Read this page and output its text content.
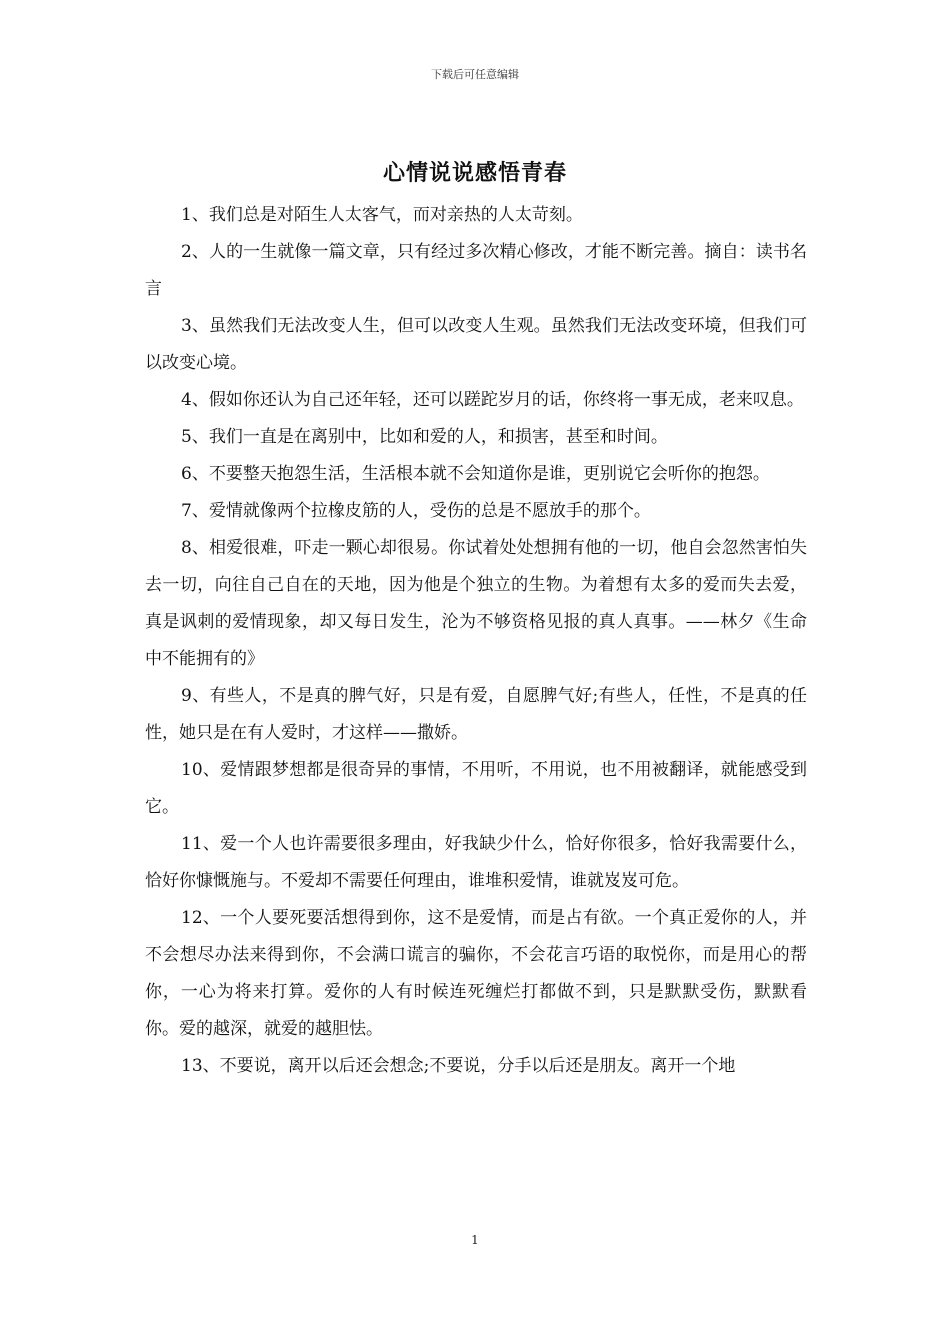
下载后可任意编辑
心情说说感悟青春

1、我们总是对陌生人太客气，而对亲热的人太苛刻。

2、人的一生就像一篇文章，只有经过多次精心修改，才能不断完善。摘自：读书名言

3、虽然我们无法改变人生，但可以改变人生观。虽然我们无法改变环境，但我们可以改变心境。

4、假如你还认为自己还年轻，还可以蹉跎岁月的话，你终将一事无成，老来叹息。

5、我们一直是在离别中，比如和爱的人，和损害，甚至和时间。

6、不要整天抱怨生活，生活根本就不会知道你是谁，更别说它会听你的抱怨。

7、爱情就像两个拉橡皮筋的人，受伤的总是不愿放手的那个。

8、相爱很难，吓走一颗心却很易。你试着处处想拥有他的一切，他自会忽然害怕失去一切，向往自己自在的天地，因为他是个独立的生物。为着想有太多的爱而失去爱，真是讽刺的爱情现象，却又每日发生，沦为不够资格见报的真人真事。——林夕《生命中不能拥有的》

9、有些人，不是真的脾气好，只是有爱，自愿脾气好;有些人，任性，不是真的任性，她只是在有人爱时，才这样——撒娇。

10、爱情跟梦想都是很奇异的事情，不用听，不用说，也不用被翻译，就能感受到它。

11、爱一个人也许需要很多理由，好我缺少什么，恰好你很多，恰好我需要什么，恰好你慷慨施与。不爱却不需要任何理由，谁堆积爱情，谁就岌岌可危。

12、一个人要死要活想得到你，这不是爱情，而是占有欲。一个真正爱你的人，并不会想尽办法来得到你，不会满口谎言的骗你，不会花言巧语的取悦你，而是用心的帮你，一心为将来打算。爱你的人有时候连死缠烂打都做不到，只是默默受伤，默默看你。爱的越深，就爱的越胆怯。

13、不要说，离开以后还会想念;不要说，分手以后还是朋友。离开一个地

1
